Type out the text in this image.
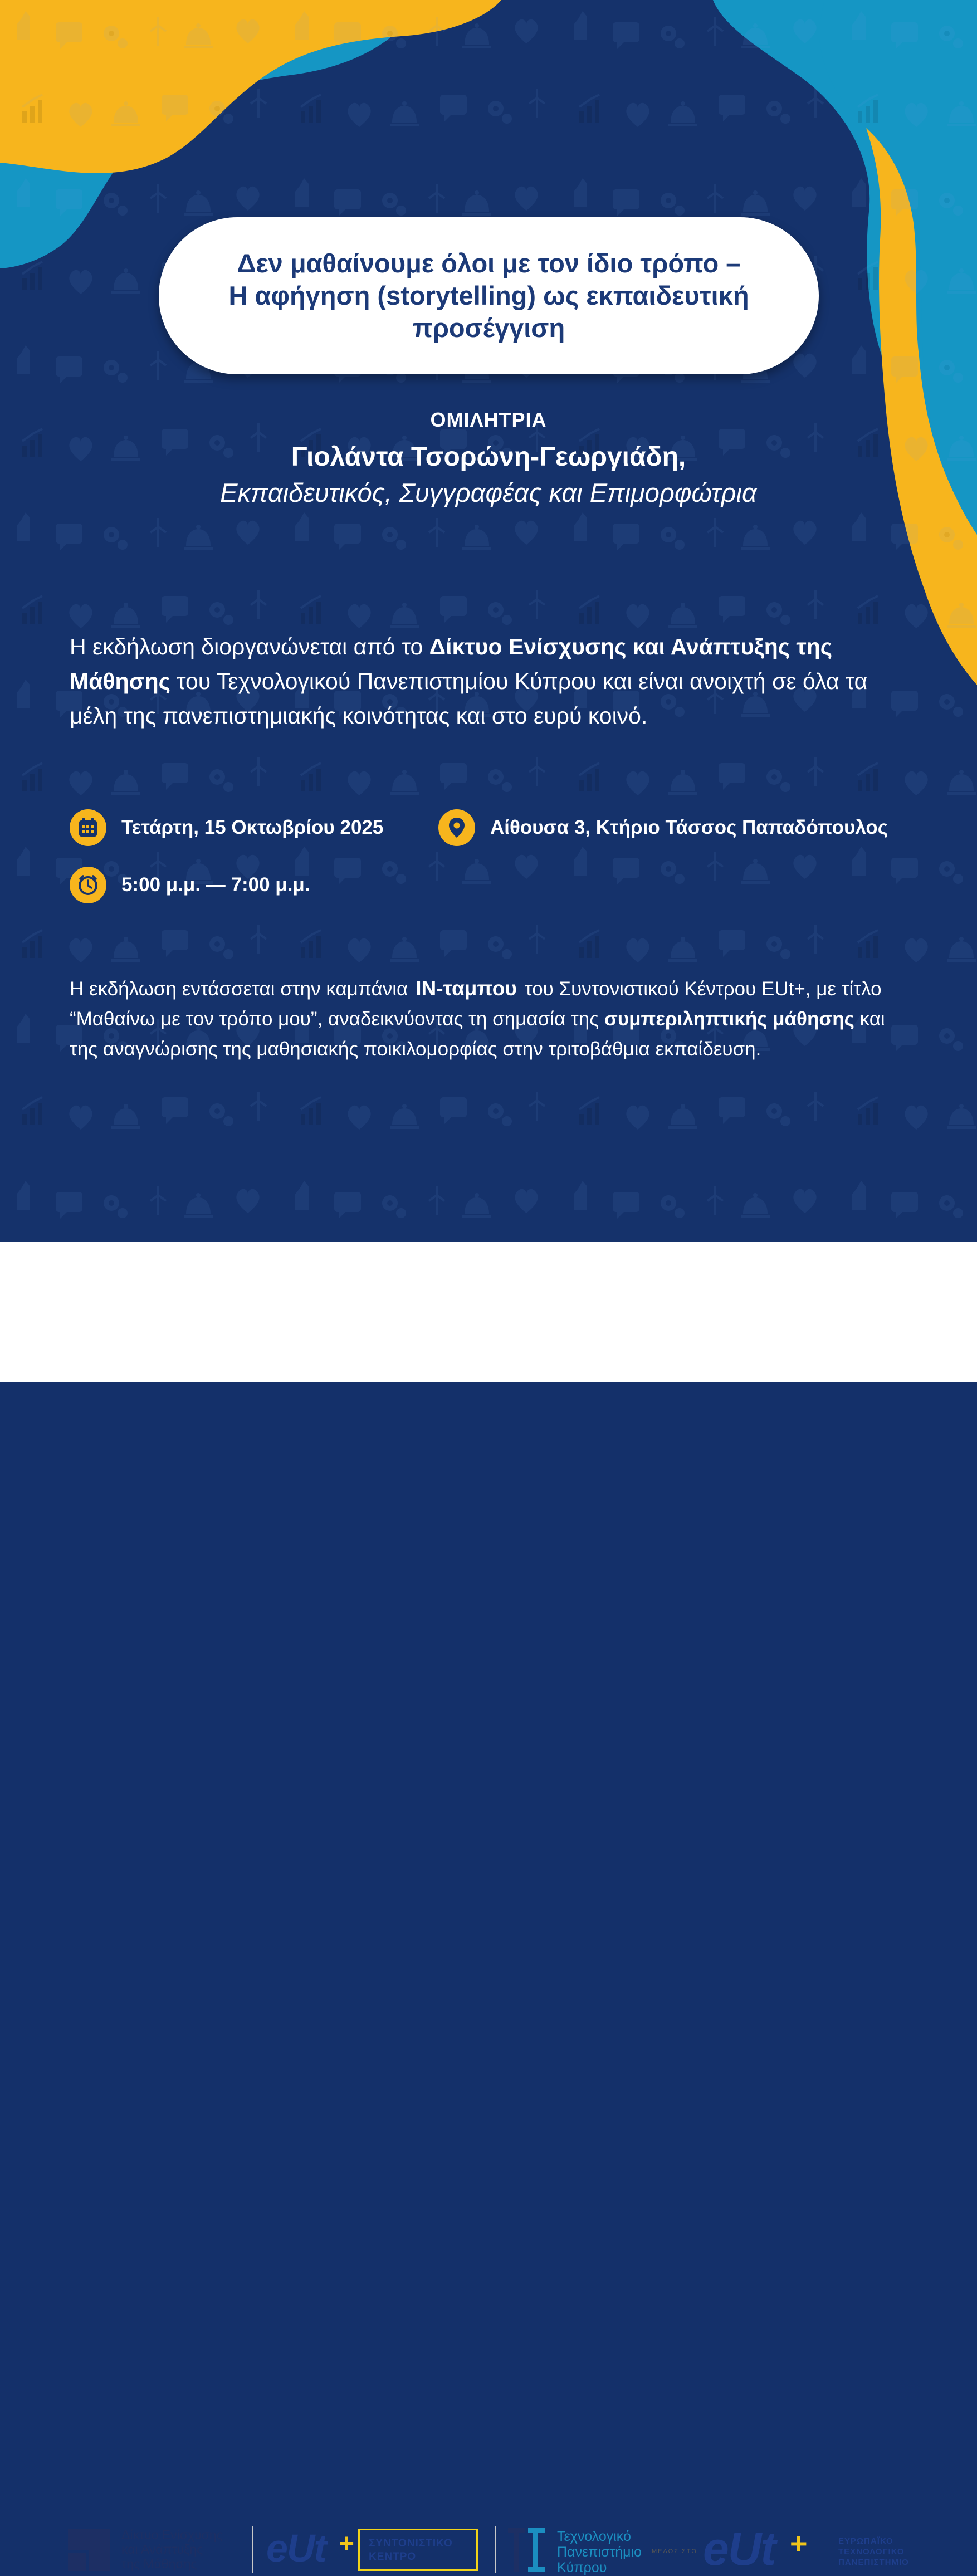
Δεν μαθαίνουμε όλοι με τον ίδιο τρόπο –
Η αφήγηση (storytelling) ως εκπαιδευτική
προσέγγιση
ΟΜΙΛΗΤΡΙΑ
Γιολάντα Τσορώνη-Γεωργιάδη,
Εκπαιδευτικός, Συγγραφέας και Επιμορφώτρια
Η εκδήλωση διοργανώνεται από το Δίκτυο Ενίσχυσης και Ανάπτυξης της Μάθησης του Τεχνολογικού Πανεπιστημίου Κύπρου και είναι ανοιχτή σε όλα τα μέλη της πανεπιστημιακής κοινότητας και στο ευρύ κοινό.
Τετάρτη, 15 Οκτωβρίου 2025
5:00 μ.μ. — 7:00 μ.μ.
Αίθουσα 3, Κτήριο Τάσσος Παπαδόπουλος
Η εκδήλωση εντάσσεται στην καμπάνια ΙΝ-ταμπου του Συντονιστικού Κέντρου EUt+, με τίτλο “Μαθαίνω με τον τρόπο μου”, αναδεικνύοντας τη σημασία της συμπεριληπτικής μάθησης και της αναγνώρισης της μαθησιακής ποικιλομορφίας στην τριτοβάθμια εκπαίδευση.
Δίκτυο Ενίσχυσης
και Ανάπτυξης
της Μάθησης	eUt + ΣΥΝΤΟΝΙΣΤΙΚΟ
ΚΕΝΤΡΟ
Τεχνολογικό
Πανεπιστήμιο
Κύπρου
ΜΕΛΟΣ ΣΤΟ eUt +	ΕΥΡΩΠΑΪΚΟ
ΤΕΧΝΟΛΟΓΙΚΟ
ΠΑΝΕΠΙΣΤΗΜΙΟ
